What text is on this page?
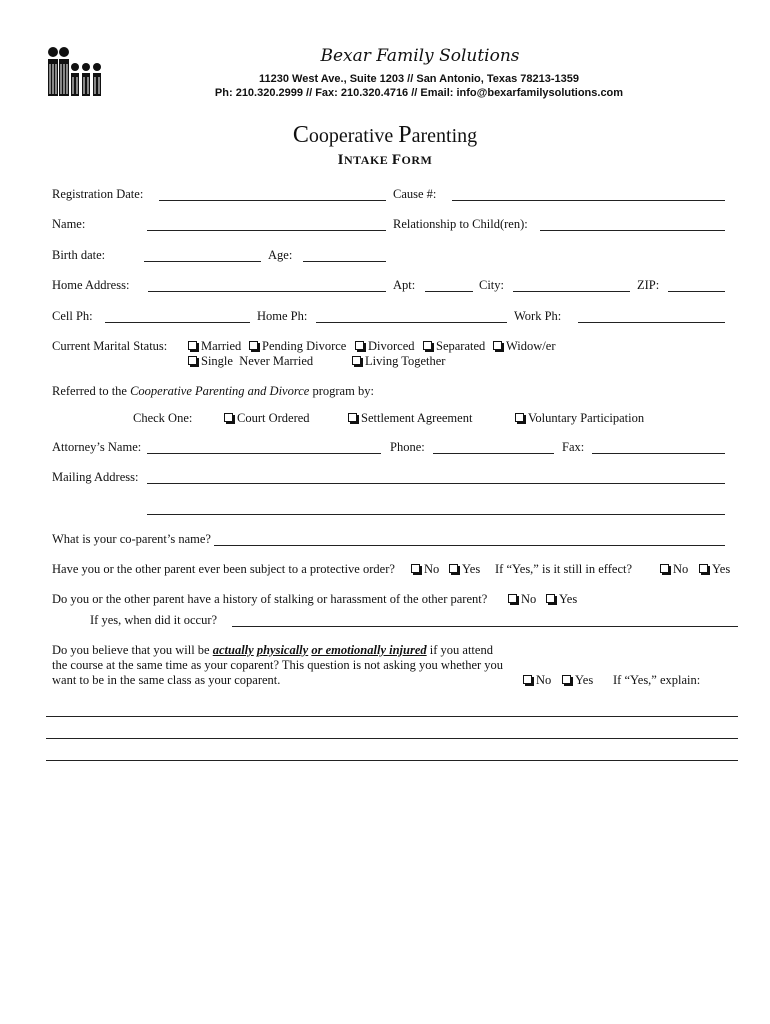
Bexar Family Solutions
11230 West Ave., Suite 1203 // San Antonio, Texas 78213-1359
Ph: 210.320.2999 // Fax: 210.320.4716 // Email: info@bexarfamilysolutions.com
Cooperative Parenting
INTAKE FORM
Registration Date:	Cause #:
Name:	Relationship to Child(ren):
Birth date:	Age:
Home Address:	Apt:	City:	ZIP:
Cell Ph:	Home Ph:	Work Ph:
Current Marital Status:	Married	Pending Divorce	Divorced	Separated	Widow/er
Single  Never Married	Living Together
Referred to the Cooperative Parenting and Divorce program by:
Check One:	Court Ordered	Settlement Agreement	Voluntary Participation
Attorney’s Name:	Phone:	Fax:
Mailing Address:
What is your co-parent’s name?
Have you or the other parent ever been subject to a protective order?	No	Yes If “Yes,” is it still in effect?	No	Yes
Do you or the other parent have a history of stalking or harassment of the other parent?	No	Yes
If yes, when did it occur?
Do you believe that you will be actually physically or emotionally injured if you attend
the course at the same time as your coparent? This question is not asking you whether you
want to be in the same class as your coparent.	No	Yes If “Yes,” explain:
